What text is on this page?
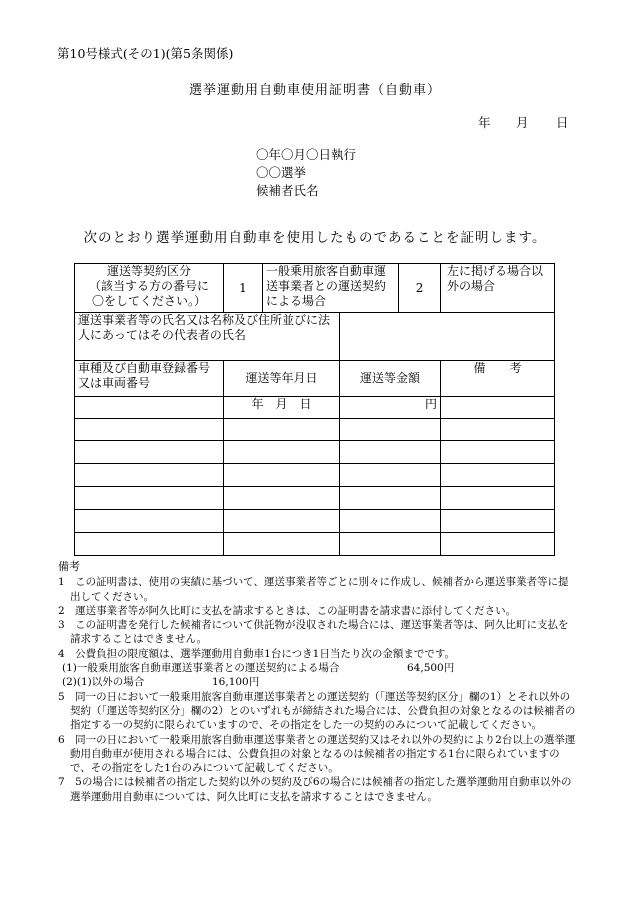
第10号様式(その1)(第5条関係)
選挙運動用自動車使用証明書（自動車）
年 月 日
〇年〇月〇日執行
〇〇選挙
候補者氏名
次のとおり選挙運動用自動車を使用したものであることを証明します。
運送等契約区分
（該当する方の番号に
〇をしてください。）	1	一般乗用旅客自動車運送事業者との運送契約による場合		2	左に掲げる場合以外の場合
運送事業者等の氏名又は名称及び住所並びに法人にあってはその代表者の氏名					
車種及び自動車登録番号又は車両番号	運送等年月日		運送等金額		備　　考
	年　月　日		円		

備考

1　この証明書は、使用の実績に基づいて、運送事業者等ごとに別々に作成し、候補者から運送事業者等に提出してください。

2　運送事業者等が阿久比町に支払を請求するときは、この証明書を請求書に添付してください。

3　この証明書を発行した候補者について供託物が没収された場合には、運送事業者等は、阿久比町に支払を請求することはできません。

4　公費負担の限度額は、選挙運動用自動車1台につき1日当たり次の金額までです。

(1)一般乗用旅客自動車運送事業者との運送契約による場合	64,500円

(2)(1)以外の場合	16,100円

5　同一の日において一般乗用旅客自動車運送事業者との運送契約（「運送等契約区分」欄の1）とそれ以外の契約（「運送等契約区分」欄の2）とのいずれもが締結された場合には、公費負担の対象となるのは候補者の指定する一の契約に限られていますので、その指定をした一の契約のみについて記載してください。

6　同一の日において一般乗用旅客自動車運送事業者との運送契約又はそれ以外の契約により2台以上の選挙運動用自動車が使用される場合には、公費負担の対象となるのは候補者の指定する1台に限られていますので、その指定をした1台のみについて記載してください。

7　5の場合には候補者の指定した契約以外の契約及び6の場合には候補者の指定した選挙運動用自動車以外の選挙運動用自動車については、阿久比町に支払を請求することはできません。
